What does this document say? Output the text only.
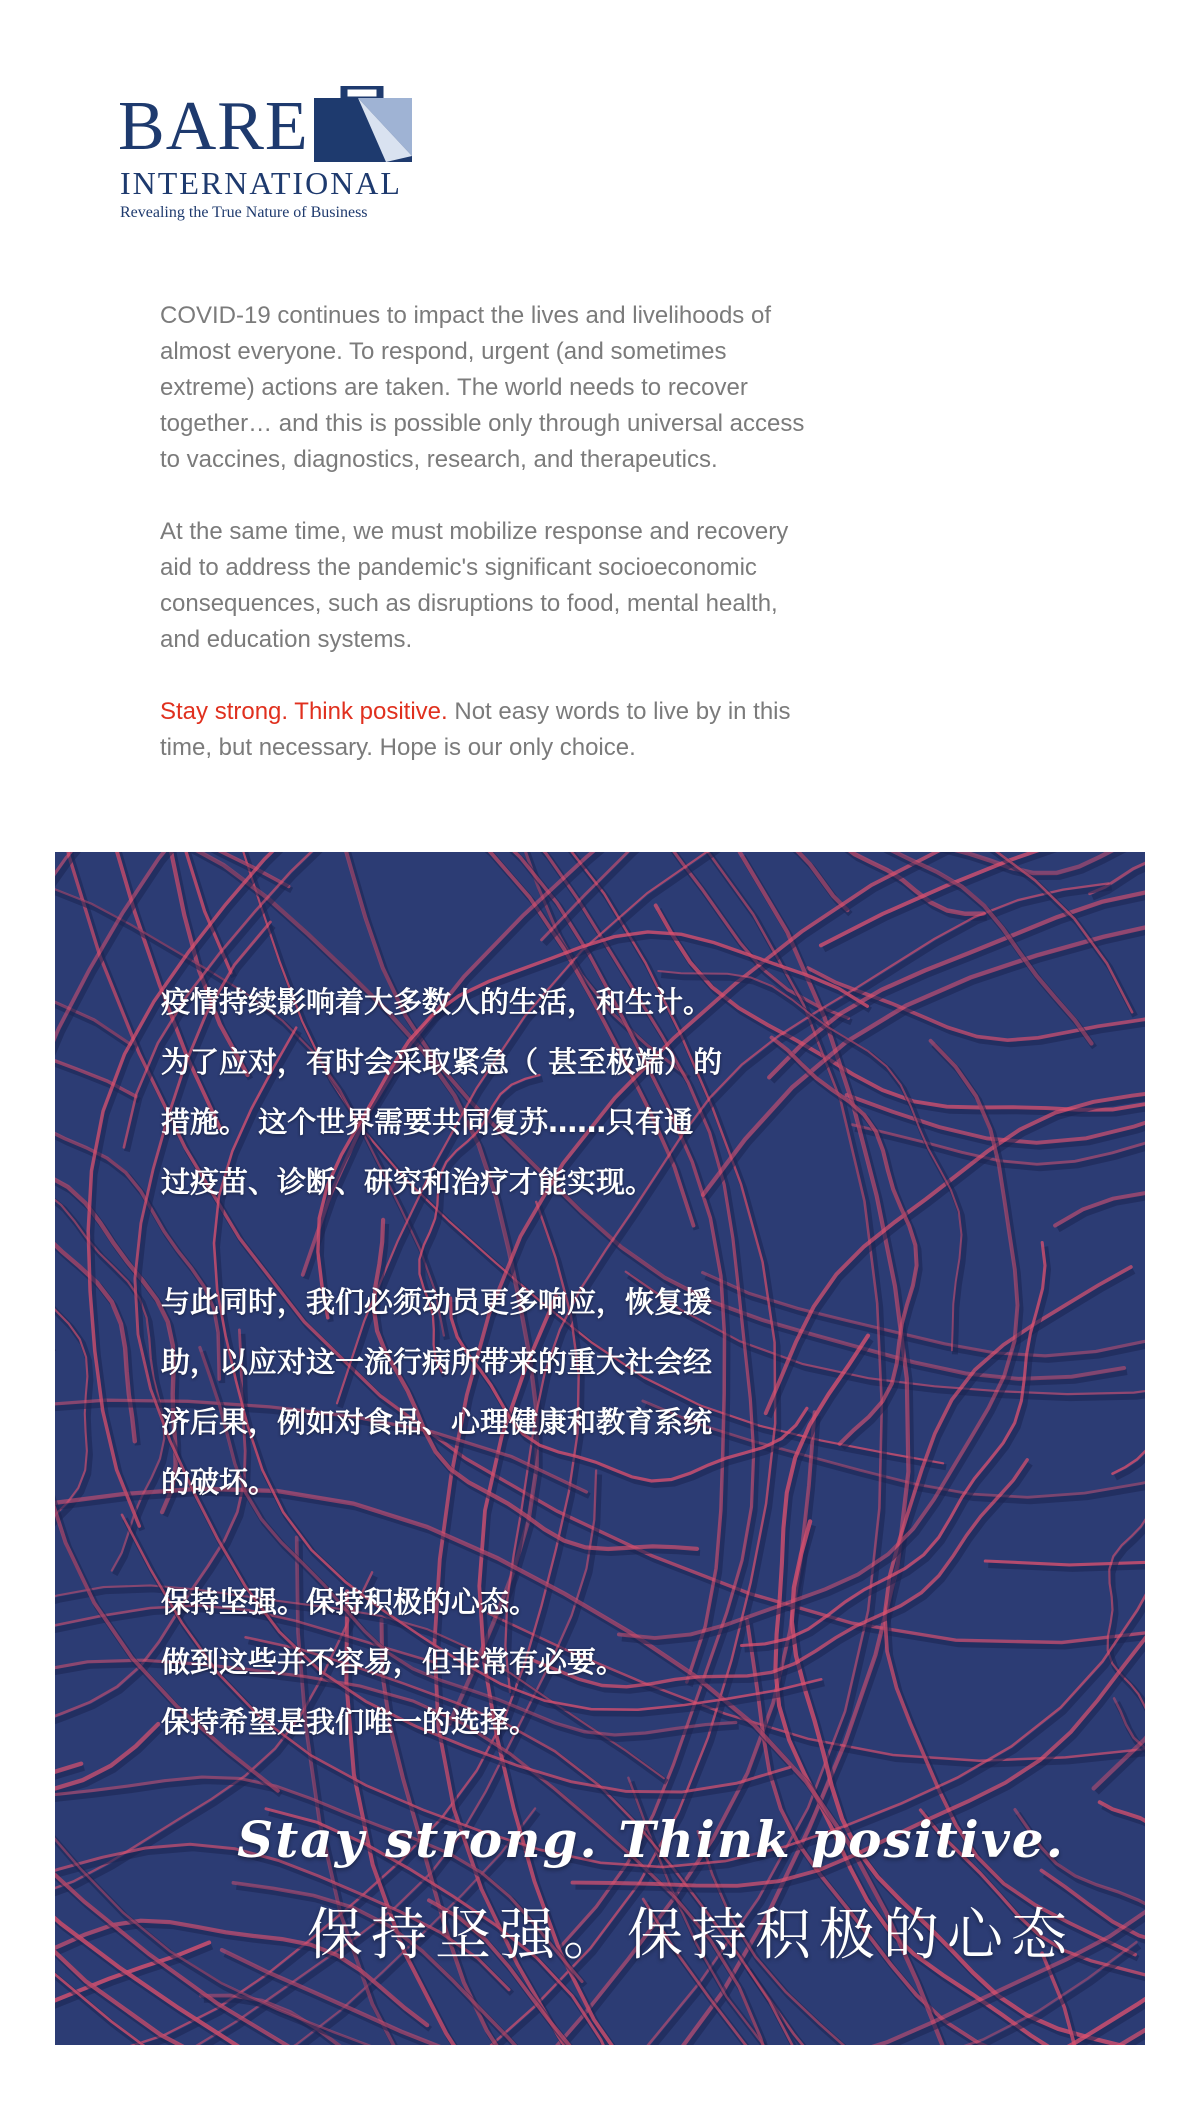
BARE
INTERNATIONAL
Revealing the True Nature of Business

COVID-19 continues to impact the lives and livelihoods of almost everyone. To respond, urgent (and sometimes extreme) actions are taken. The world needs to recover together… and this is possible only through universal access to vaccines, diagnostics, research, and therapeutics.

At the same time, we must mobilize response and recovery aid to address the pandemic's significant socioeconomic consequences, such as disruptions to food, mental health, and education systems.

Stay strong. Think positive. Not easy words to live by in this time, but necessary. Hope is our only choice.

疫情持续影响着大多数人的生活，和生计。
为了应对，有时会采取紧急（ 甚至极端）的
措施。 这个世界需要共同复苏……只有通
过疫苗、诊断、研究和治疗才能实现。

与此同时，我们必须动员更多响应，恢复援
助，以应对这一流行病所带来的重大社会经
济后果，例如对食品、心理健康和教育系统
的破坏。

保持坚强。保持积极的心态。
做到这些并不容易，但非常有必要。
保持希望是我们唯一的选择。

Stay strong. Think positive.
保持坚强。保持积极的心态
